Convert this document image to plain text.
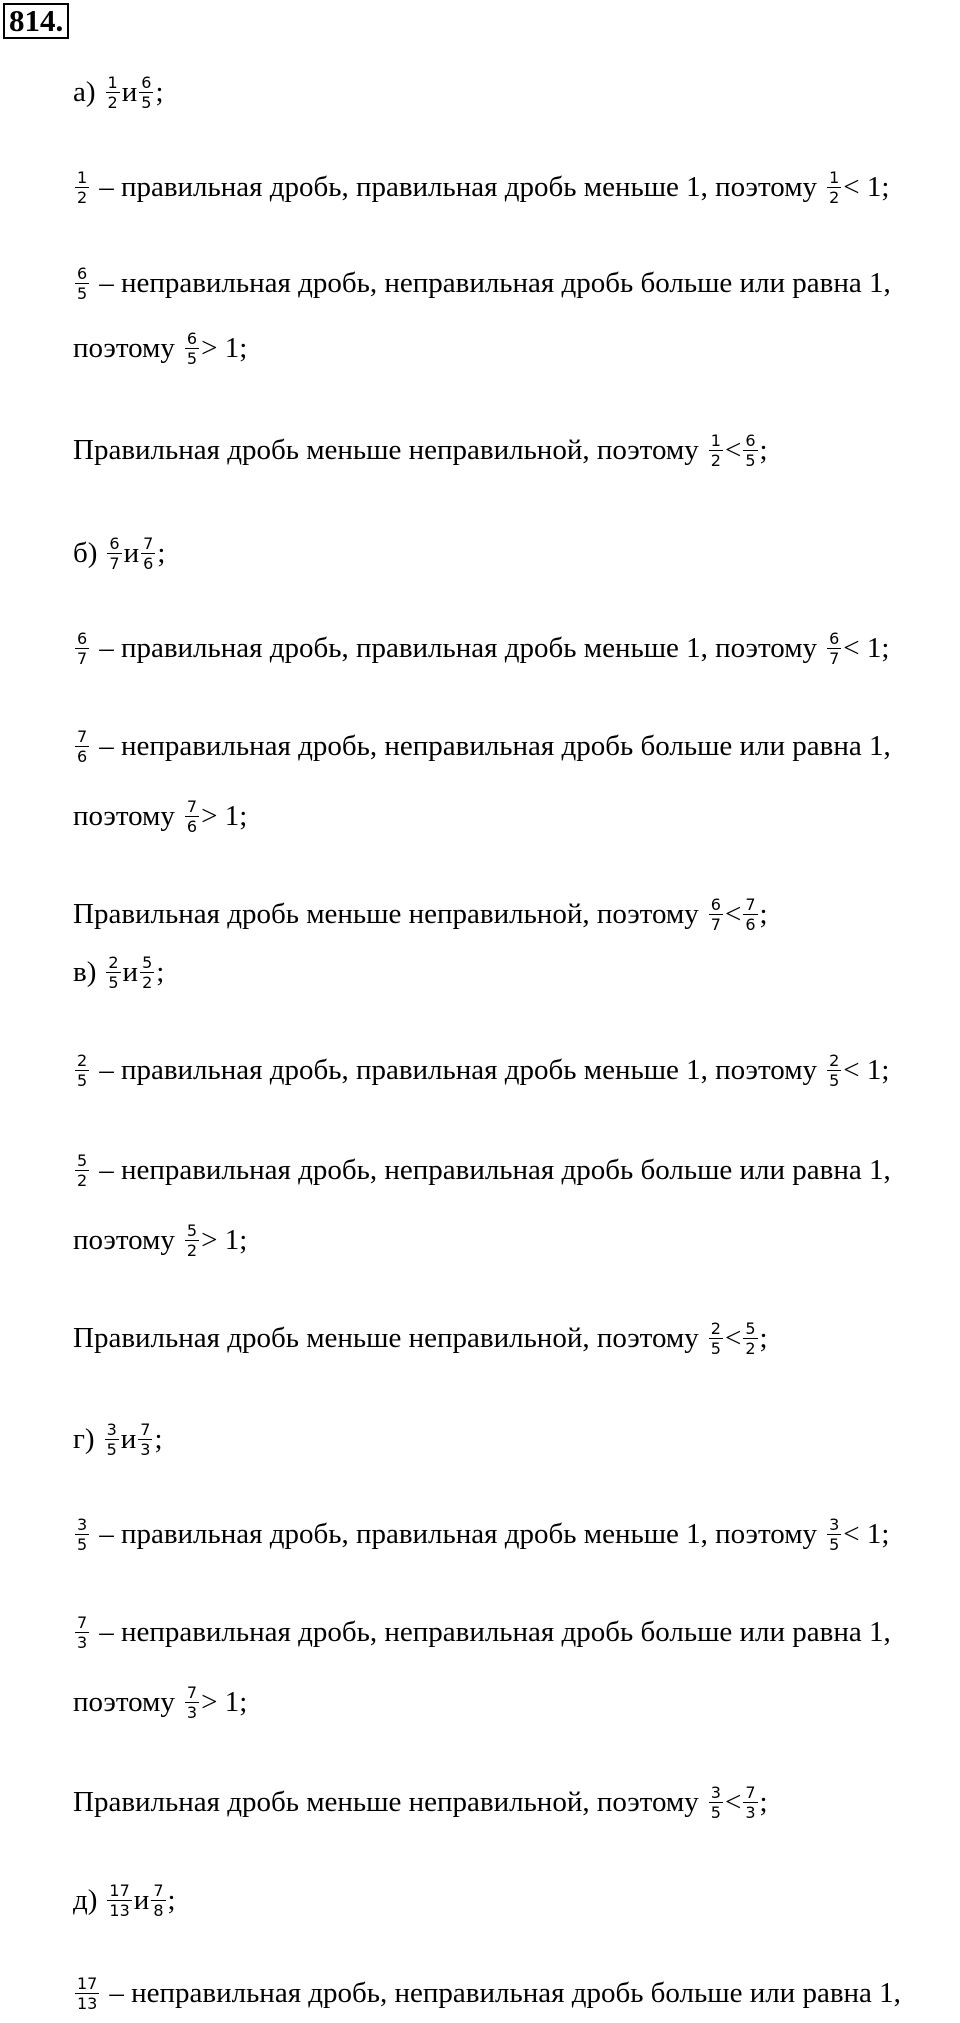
814.
$а) \frac{1}{2}$ и $\frac{6}{5}$ ;
$\frac{1}{2}$ – правильная дробь, правильная дробь меньше 1, поэтому $\frac{1}{2} < 1$;
$\frac{6}{5}$ – неправильная дробь, неправильная дробь больше или равна 1,
поэтому $\frac{6}{5} > 1$;
Правильная дробь меньше неправильной, поэтому $\frac{1}{2} < \frac{6}{5}$ ;
$б) \frac{6}{7}$ и $\frac{7}{6}$ ;
$\frac{6}{7}$ – правильная дробь, правильная дробь меньше 1, поэтому $\frac{6}{7} < 1$;
$\frac{7}{6}$ – неправильная дробь, неправильная дробь больше или равна 1,
поэтому $\frac{7}{6} > 1$;
Правильная дробь меньше неправильной, поэтому $\frac{6}{7} < \frac{7}{6}$ ;
$в) \frac{2}{5}$ и $\frac{5}{2}$ ;
$\frac{2}{5}$ – правильная дробь, правильная дробь меньше 1, поэтому $\frac{2}{5} < 1$;
$\frac{5}{2}$ – неправильная дробь, неправильная дробь больше или равна 1,
поэтому $\frac{5}{2} > 1$;
Правильная дробь меньше неправильной, поэтому $\frac{2}{5} < \frac{5}{2}$ ;
$г) \frac{3}{5}$ и $\frac{7}{3}$ ;
$\frac{3}{5}$ – правильная дробь, правильная дробь меньше 1, поэтому $\frac{3}{5} < 1$;
$\frac{7}{3}$ – неправильная дробь, неправильная дробь больше или равна 1,
поэтому $\frac{7}{3} > 1$;
Правильная дробь меньше неправильной, поэтому $\frac{3}{5} < \frac{7}{3}$ ;
$д) \frac{17}{13}$ и $\frac{7}{8}$ ;
$\frac{17}{13}$ – неправильная дробь, неправильная дробь больше или равна 1,
